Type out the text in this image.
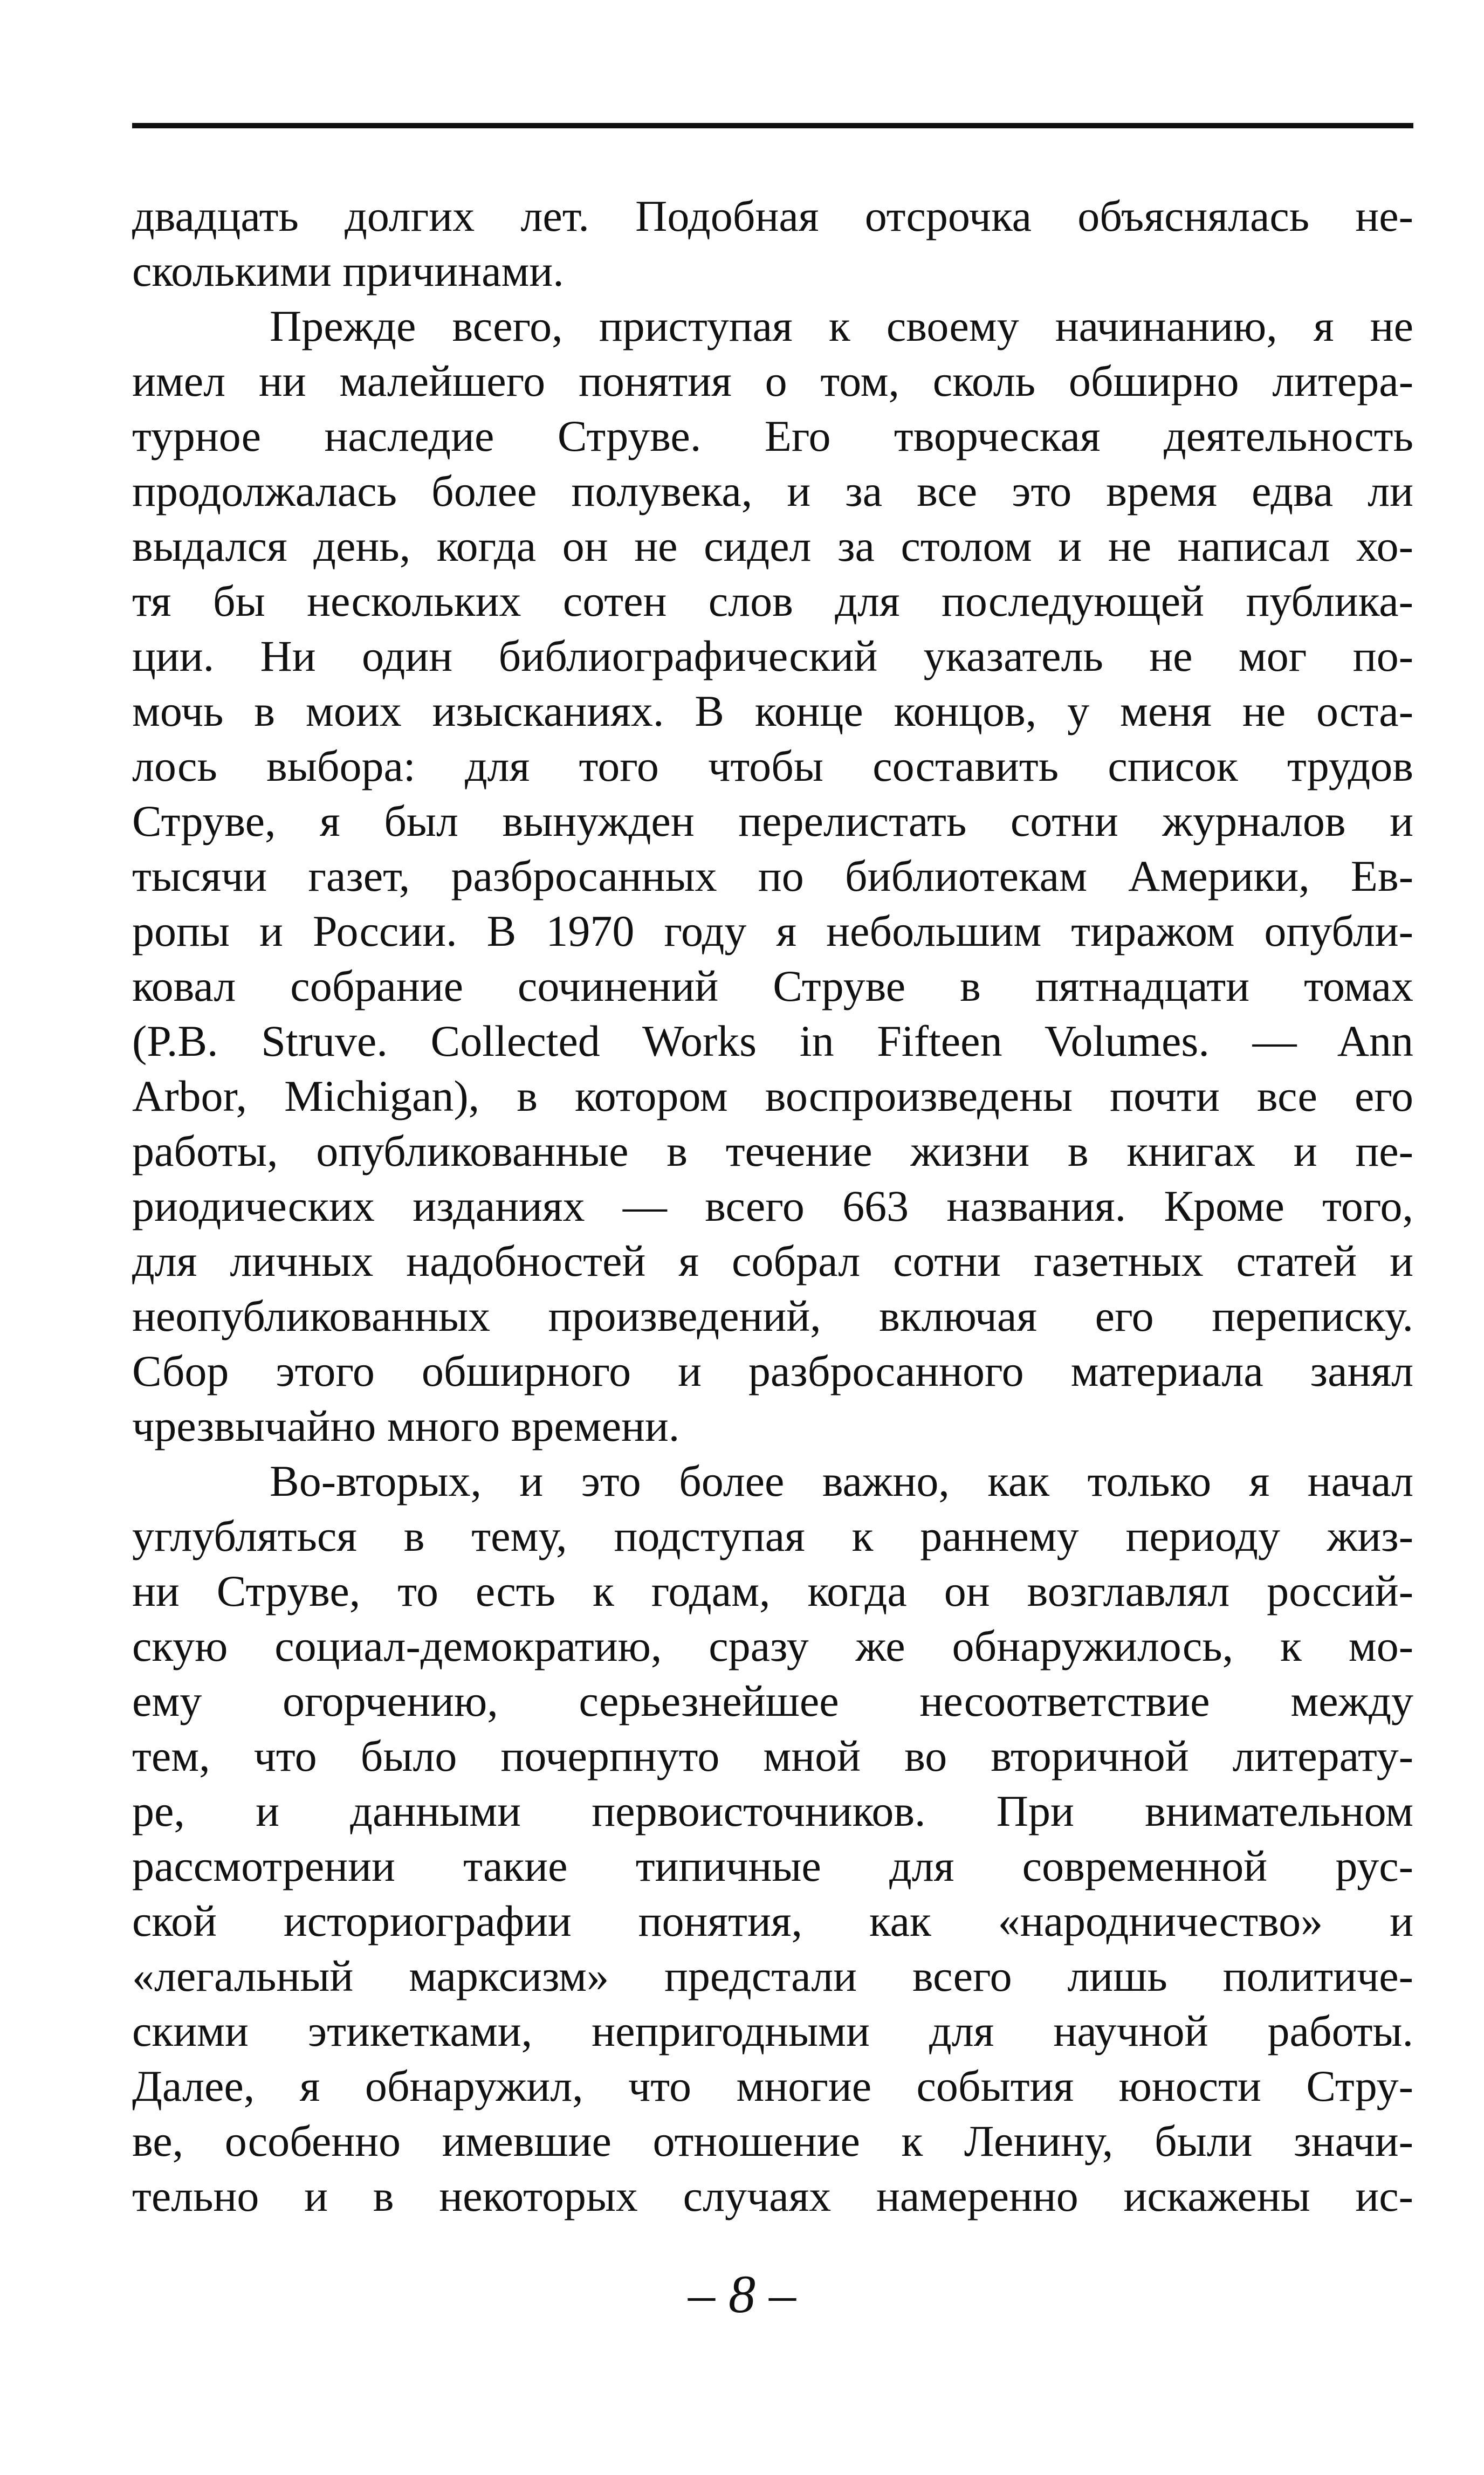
двадцать долгих лет. Подобная отсрочка объяснялась не-
сколькими причинами.
Прежде всего, приступая к своему начинанию, я не
имел ни малейшего понятия о том, сколь обширно литера-
турное наследие Струве. Его творческая деятельность
продолжалась более полувека, и за все это время едва ли
выдался день, когда он не сидел за столом и не написал хо-
тя бы нескольких сотен слов для последующей публика-
ции. Ни один библиографический указатель не мог по-
мочь в моих изысканиях. В конце концов, у меня не оста-
лось выбора: для того чтобы составить список трудов
Струве, я был вынужден перелистать сотни журналов и
тысячи газет, разбросанных по библиотекам Америки, Ев-
ропы и России. В 1970 году я небольшим тиражом опубли-
ковал собрание сочинений Струве в пятнадцати томах
(P.B. Struve. Collected Works in Fifteen Volumes. — Ann
Arbor, Michigan), в котором воспроизведены почти все его
работы, опубликованные в течение жизни в книгах и пе-
риодических изданиях — всего 663 названия. Кроме того,
для личных надобностей я собрал сотни газетных статей и
неопубликованных произведений, включая его переписку.
Сбор этого обширного и разбросанного материала занял
чрезвычайно много времени.
Во-вторых, и это более важно, как только я начал
углубляться в тему, подступая к раннему периоду жиз-
ни Струве, то есть к годам, когда он возглавлял россий-
скую социал-демократию, сразу же обнаружилось, к мо-
ему огорчению, серьезнейшее несоответствие между
тем, что было почерпнуто мной во вторичной литерату-
ре, и данными первоисточников. При внимательном
рассмотрении такие типичные для современной рус-
ской историографии понятия, как «народничество» и
«легальный марксизм» предстали всего лишь политиче-
скими этикетками, непригодными для научной работы.
Далее, я обнаружил, что многие события юности Стру-
ве, особенно имевшие отношение к Ленину, были значи-
тельно и в некоторых случаях намеренно искажены ис-
– 8 –
